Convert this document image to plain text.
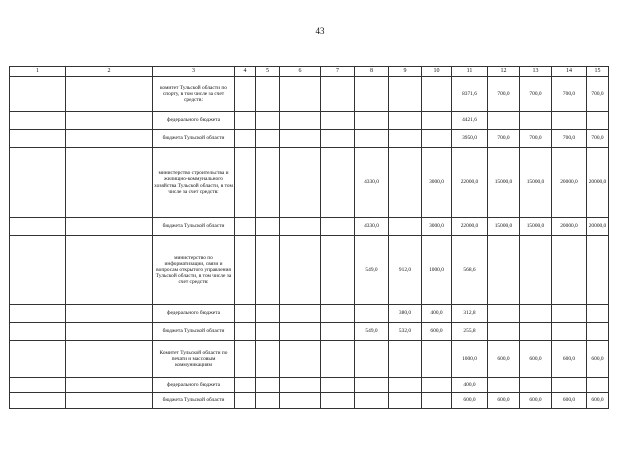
43
1	2	3	4	5	6	7	8	9	10	11	12	13	14	15
		комитет Тульской области по спорту, в том числе за счет средств:								8371,6	700,0	700,0	700,0	700,0
		федерального бюджета								4421,6				
		бюджета Тульской области								3950,0	700,0	700,0	700,0	700,0
		министерство строительства и жилищно-коммунального хозяйства Тульской области, в том числе за счет средств:					4330,0		3000,0	22000,0	15000,0	15000,0	20000,0	20000,0
		бюджета Тульской области					4330,0		3000,0	22000,0	15000,0	15000,0	20000,0	20000,0
		министерство по информатизации, связи и вопросам открытого управления Тульской области, в том числе за счет средств:					549,0	912,0	1000,0	568,6				
		федерального бюджета						380,0	400,0	312,8				
		бюджета Тульской области					549,0	532,0	600,0	255,8				
		Комитет Тульской области по печати и массовым коммуникациям								1000,0	600,0	600,0	600,0	600,0
		федерального бюджета								400,0				
		бюджета Тульской области								600,0	600,0	600,0	600,0	600,0
